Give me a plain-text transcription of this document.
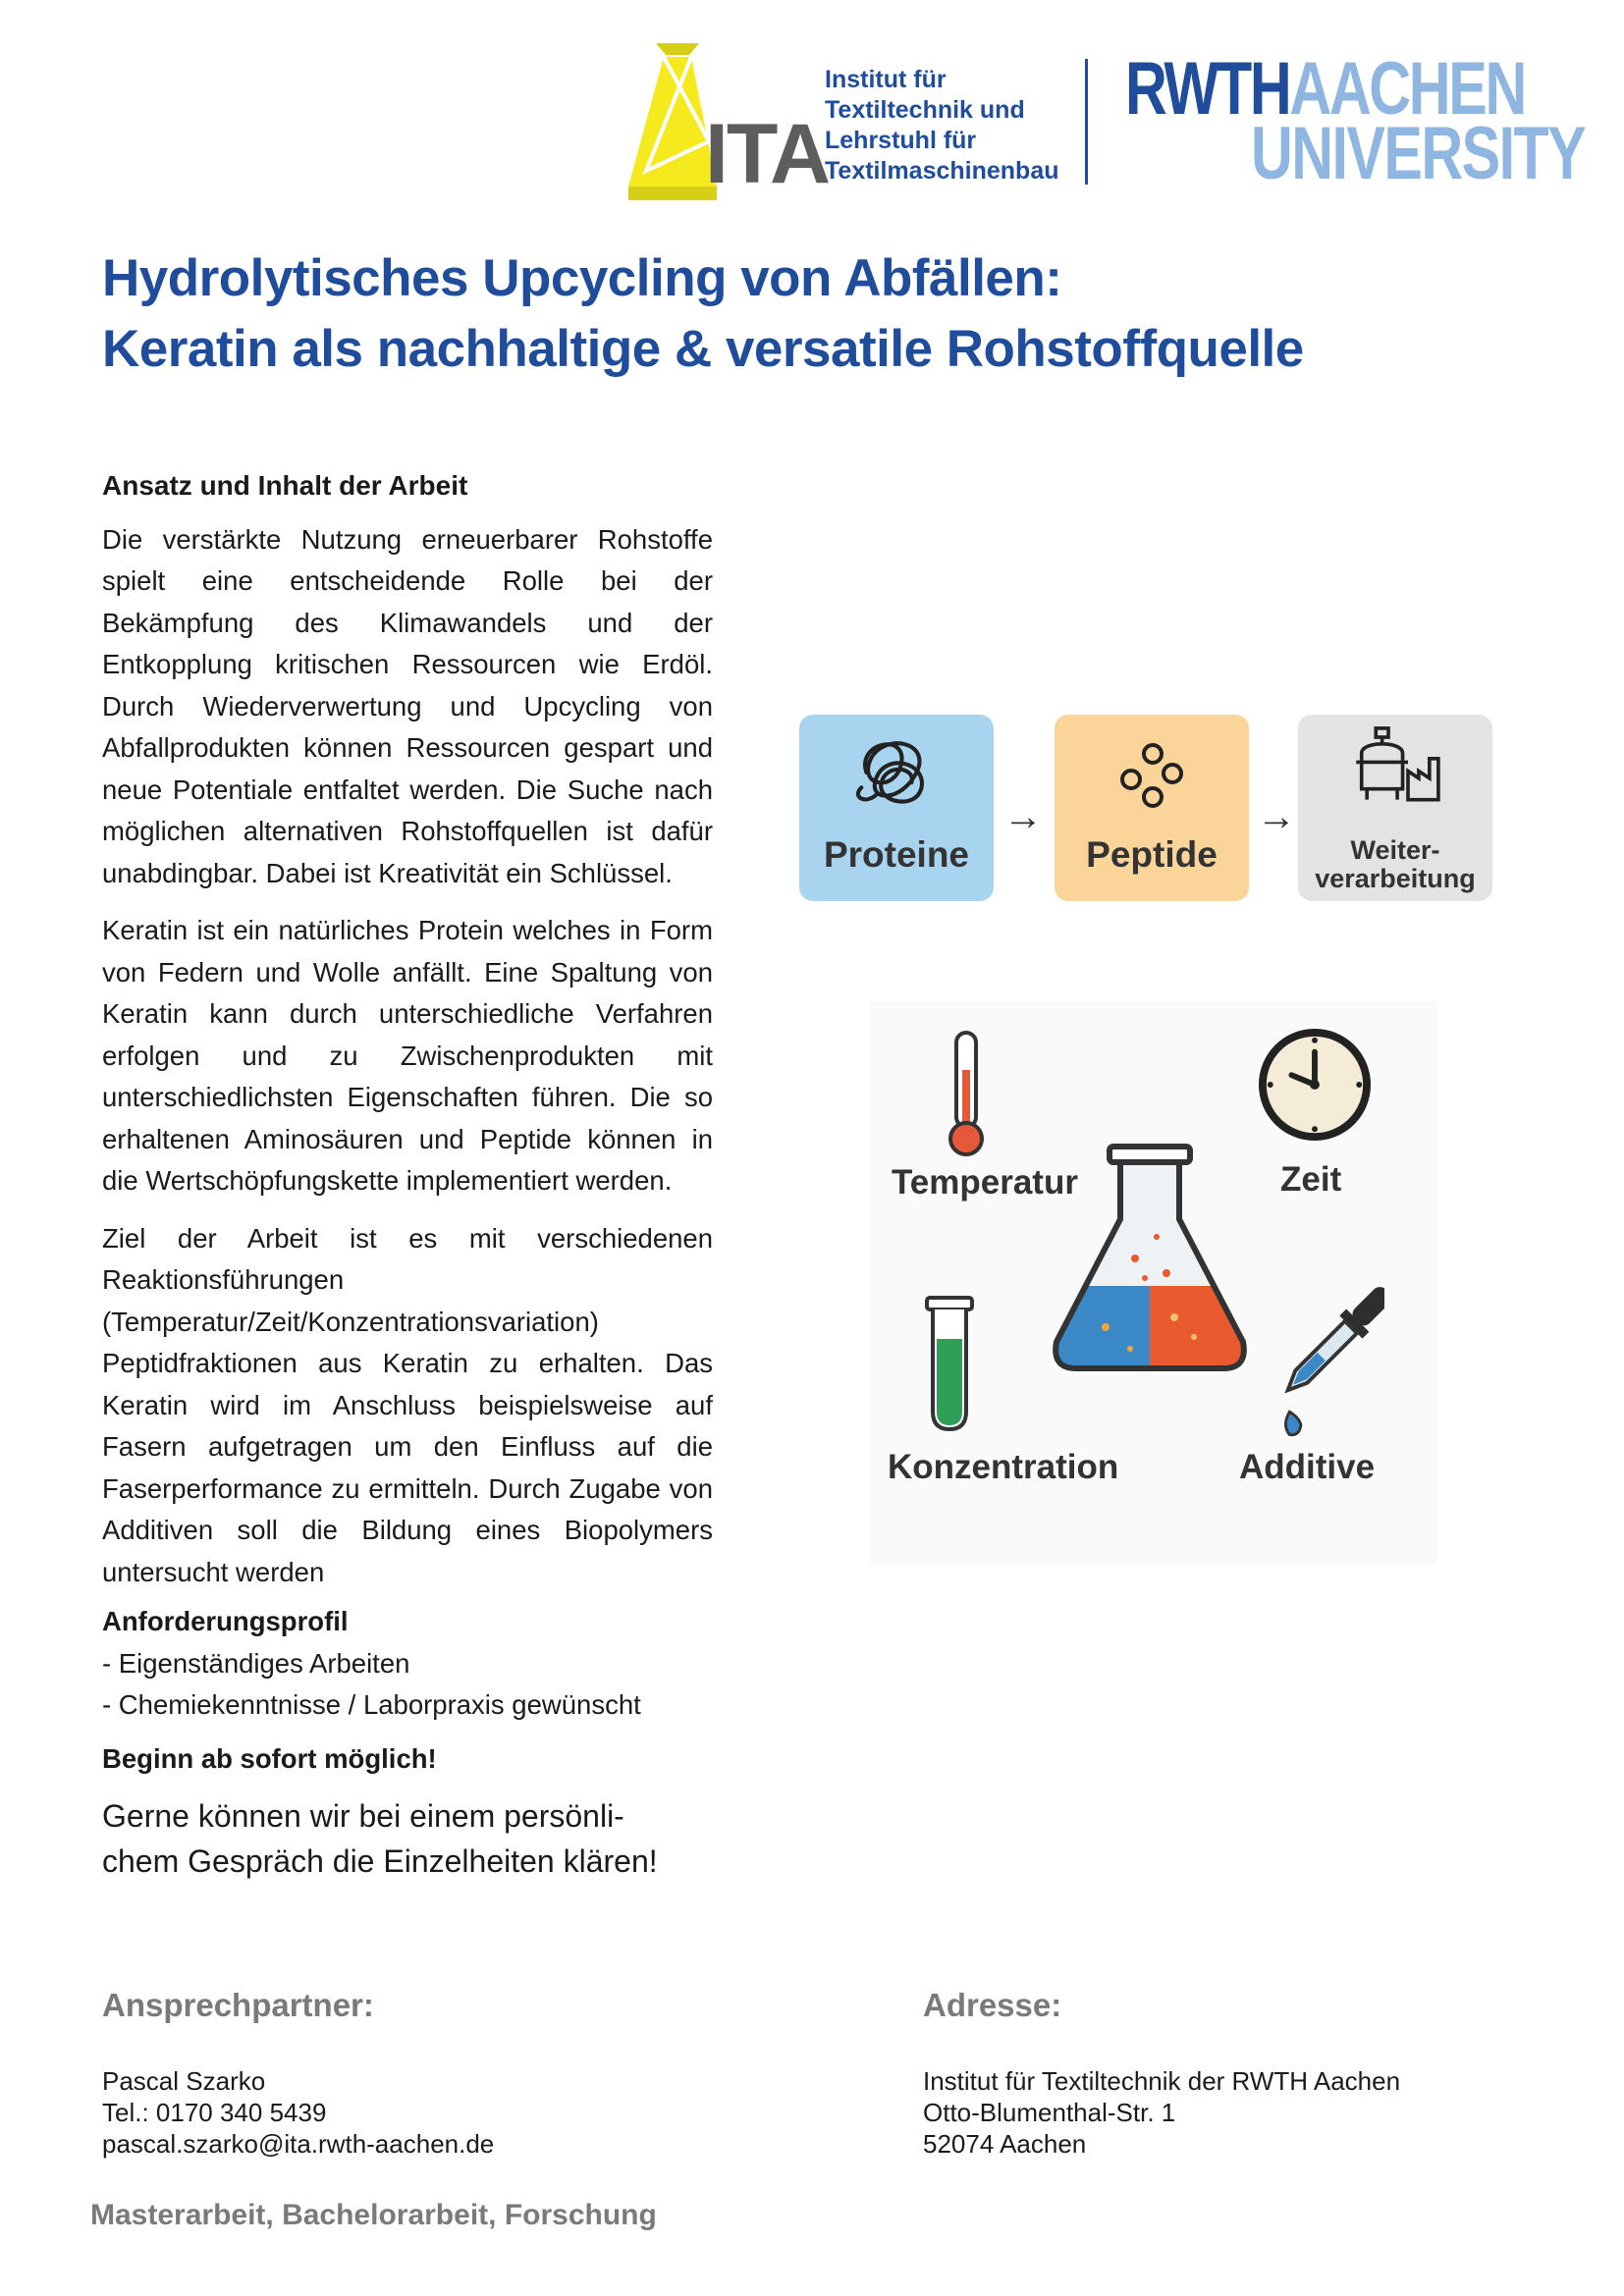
ITA
Institut für
Textiltechnik und
Lehrstuhl für
Textilmaschinenbau
RWTHAACHEN
UNIVERSITY
Hydrolytisches Upcycling von Abfällen:
Keratin als nachhaltige & versatile Rohstoffquelle
Ansatz und Inhalt der Arbeit

Die verstärkte Nutzung erneuerbarer Rohstoffe spielt eine entscheidende Rolle bei der Bekämpfung des Klimawandels und der Entkopplung kritischen Ressourcen wie Erdöl. Durch Wiederverwertung und Upcycling von Abfallprodukten können Ressourcen gespart und neue Potentiale entfaltet werden. Die Suche nach möglichen alternativen Rohstoffquellen ist dafür unabdingbar. Dabei ist Kreativität ein Schlüssel.

Keratin ist ein natürliches Protein welches in Form von Federn und Wolle anfällt. Eine Spaltung von Keratin kann durch unterschiedliche Verfahren erfolgen und zu Zwischenprodukten mit unterschiedlichsten Eigenschaften führen. Die so erhaltenen Aminosäuren und Peptide können in die Wertschöpfungskette implementiert werden.

Ziel der Arbeit ist es mit verschiedenen Reaktionsführungen (Temperatur/Zeit/Konzentrationsvariation) Peptidfraktionen aus Keratin zu erhalten. Das Keratin wird im Anschluss beispielsweise auf Fasern aufgetragen um den Einfluss auf die Faserperformance zu ermitteln. Durch Zugabe von Additiven soll die Bildung eines Biopolymers untersucht werden

Anforderungsprofil
- Eigenständiges Arbeiten
- Chemiekenntnisse / Laborpraxis gewünscht
Beginn ab sofort möglich!
Gerne können wir bei einem persönli-
chem Gespräch die Einzelheiten klären!
Proteine
→
Peptide
→
Weiter-
verarbeitung
Temperatur	Zeit
Konzentration	Additive
Ansprechpartner:
Pascal Szarko
Tel.: 0170 340 5439
pascal.szarko@ita.rwth-aachen.de
Adresse:
Institut für Textiltechnik der RWTH Aachen
Otto-Blumenthal-Str. 1
52074 Aachen

Masterarbeit, Bachelorarbeit, Forschung
